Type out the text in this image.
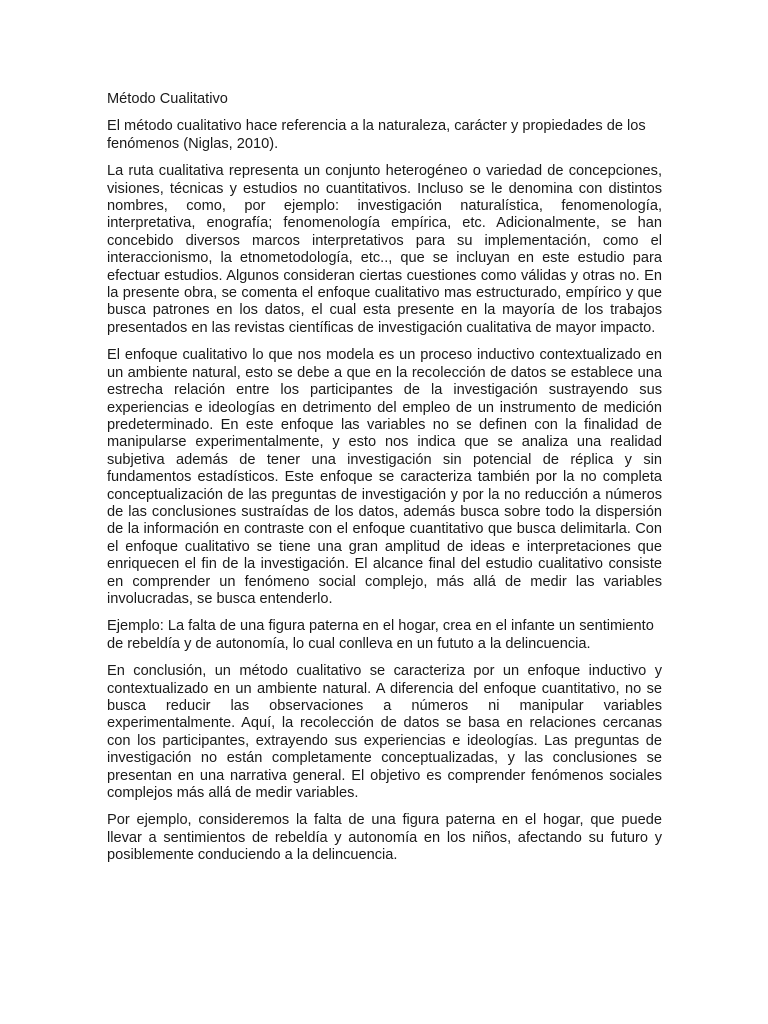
Método Cualitativo

El método cualitativo hace referencia a la naturaleza, carácter y propiedades de los fenómenos (Niglas, 2010).

La ruta cualitativa representa un conjunto heterogéneo o variedad de concepciones, visiones, técnicas y estudios no cuantitativos. Incluso se le denomina con distintos nombres, como, por ejemplo: investigación naturalística, fenomenología, interpretativa, enografía; fenomenología empírica, etc. Adicionalmente, se han concebido diversos marcos interpretativos para su implementación, como el interaccionismo, la etnometodología, etc.., que se incluyan en este estudio para efectuar estudios. Algunos consideran ciertas cuestiones como válidas y otras no. En la presente obra, se comenta el enfoque cualitativo mas estructurado, empírico y que busca patrones en los datos, el cual esta presente en la mayoría de los trabajos presentados en las revistas científicas de investigación cualitativa de mayor impacto.

El enfoque cualitativo lo que nos modela es un proceso inductivo contextualizado en un ambiente natural, esto se debe a que en la recolección de datos se establece una estrecha relación entre los participantes de la investigación sustrayendo sus experiencias e ideologías en detrimento del empleo de un instrumento de medición predeterminado. En este enfoque las variables no se definen con la finalidad de manipularse experimentalmente, y esto nos indica que se analiza una realidad subjetiva además de tener una investigación sin potencial de réplica y sin fundamentos estadísticos. Este enfoque se caracteriza también por la no completa conceptualización de las preguntas de investigación y por la no reducción a números de las conclusiones sustraídas de los datos, además busca sobre todo la dispersión de la información en contraste con el enfoque cuantitativo que busca delimitarla. Con el enfoque cualitativo se tiene una gran amplitud de ideas e interpretaciones que enriquecen el fin de la investigación. El alcance final del estudio cualitativo consiste en comprender un fenómeno social complejo, más allá de medir las variables involucradas, se busca entenderlo.

Ejemplo: La falta de una figura paterna en el hogar, crea en el infante un sentimiento de rebeldía y de autonomía, lo cual conlleva en un fututo a la delincuencia.

En conclusión, un método cualitativo se caracteriza por un enfoque inductivo y contextualizado en un ambiente natural. A diferencia del enfoque cuantitativo, no se busca reducir las observaciones a números ni manipular variables experimentalmente. Aquí, la recolección de datos se basa en relaciones cercanas con los participantes, extrayendo sus experiencias e ideologías. Las preguntas de investigación no están completamente conceptualizadas, y las conclusiones se presentan en una narrativa general. El objetivo es comprender fenómenos sociales complejos más allá de medir variables.

Por ejemplo, consideremos la falta de una figura paterna en el hogar, que puede llevar a sentimientos de rebeldía y autonomía en los niños, afectando su futuro y posiblemente conduciendo a la delincuencia.
